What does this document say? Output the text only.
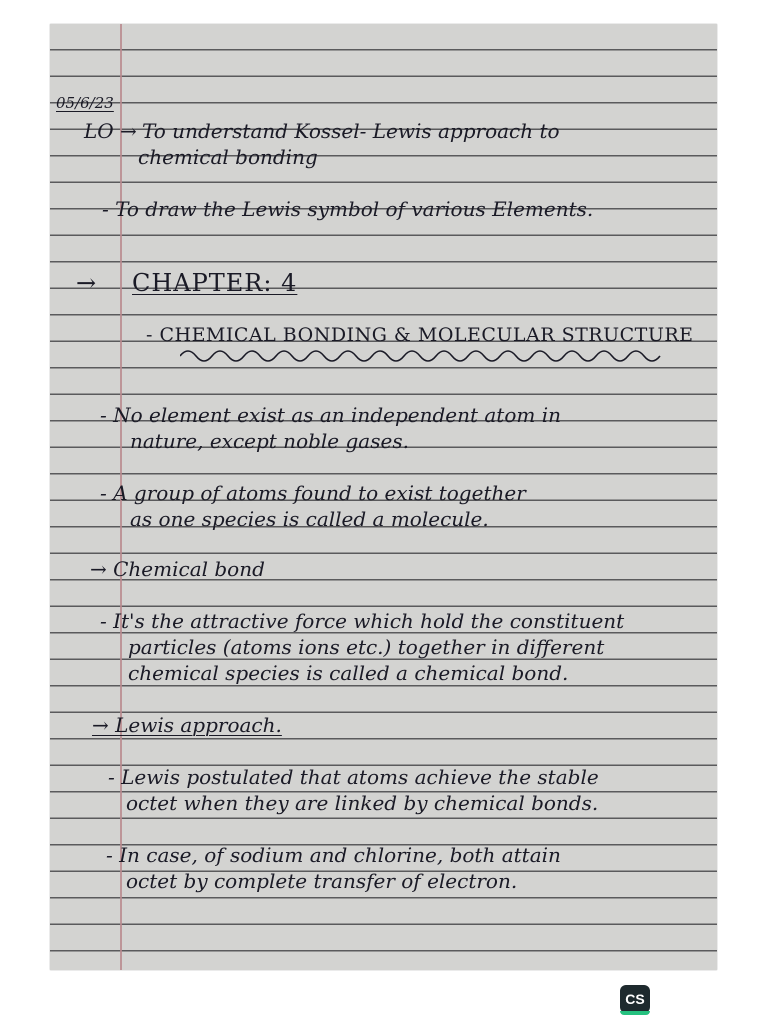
05/6/23
LO → To understand Kossel- Lewis approach to
chemical bonding
- To draw the Lewis symbol of various Elements.
→ CHAPTER: 4
- CHEMICAL BONDING & MOLECULAR STRUCTURE
- No element exist as an independent atom in
nature, except noble gases.
- A group of atoms found to exist together
as one species is called a molecule.
→ Chemical bond
- It's the attractive force which hold the constituent
particles (atoms ions etc.) together in different
chemical species is called a chemical bond.
→ Lewis approach.
- Lewis postulated that atoms achieve the stable
octet when they are linked by chemical bonds.
- In case, of sodium and chlorine, both attain
octet by complete transfer of electron.
CS
